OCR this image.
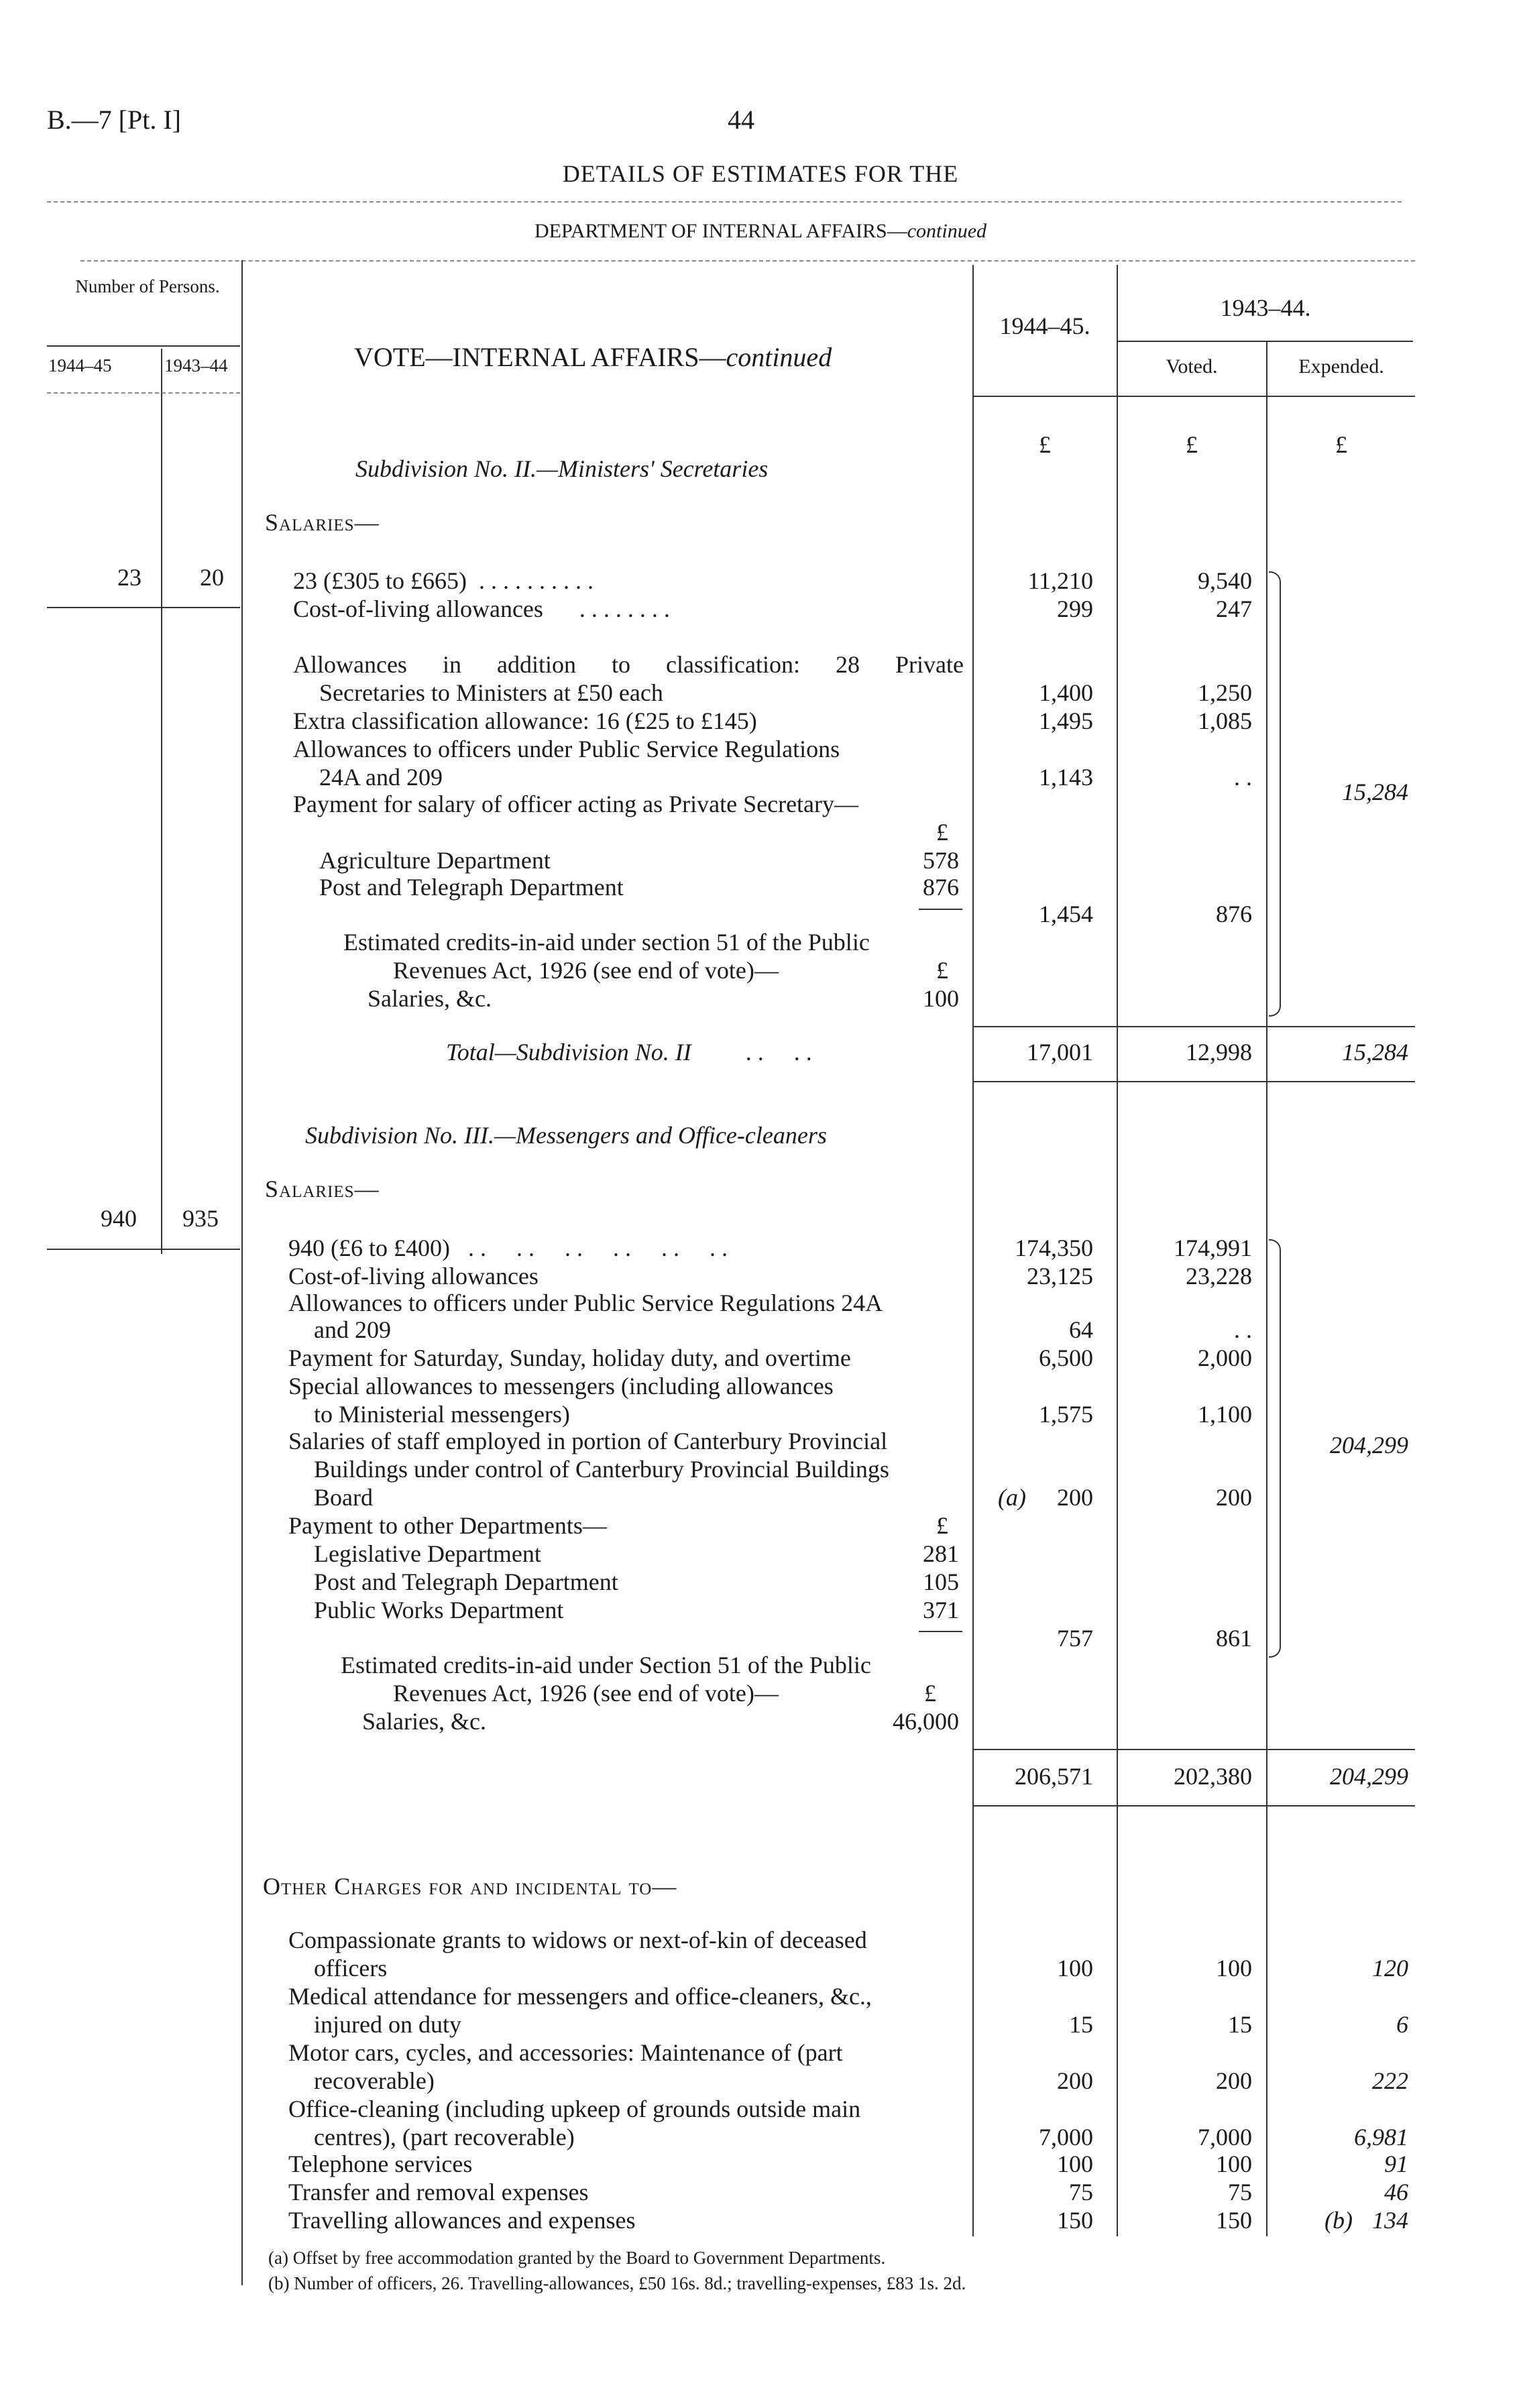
B.—7 [Pt. I]	44
DETAILS OF ESTIMATES FOR THE
DEPARTMENT OF INTERNAL AFFAIRS—continued
Number of Persons.
1944–45	1943–44	VOTE—INTERNAL AFFAIRS—continued
1944–45.
1943–44.
Voted.	Expended.
£	£	£
Subdivision No. II.—Ministers' Secretaries
Salaries—
23 20	23 (£305 to £665) . . . . . . . . . .	11,210	9,540
Cost-of-living allowances . . . . . . . .	299	247
Allowances in addition to classification: 28 Private
Secretaries to Ministers at £50 each	1,400	1,250
Extra classification allowance: 16 (£25 to £145)	1,495	1,085
Allowances to officers under Public Service Regulations
24A and 209	1,143	. .
Payment for salary of officer acting as Private Secretary—
£
Agriculture Department	578
Post and Telegraph Department	876
1,454	876
Estimated credits-in-aid under section 51 of the Public
Revenues Act, 1926 (see end of vote)—	£
Salaries, &c.	100
15,284
Total—Subdivision No. II . .     . .	17,001	12,998	15,284
Subdivision No. III.—Messengers and Office-cleaners
Salaries—
940 935
940 (£6 to £400)   . .     . .     . .     . .     . .     . .	174,350	174,991
Cost-of-living allowances	23,125	23,228
Allowances to officers under Public Service Regulations 24A
and 209	64	. .
Payment for Saturday, Sunday, holiday duty, and overtime	6,500	2,000
Special allowances to messengers (including allowances
to Ministerial messengers)	1,575	1,100
Salaries of staff employed in portion of Canterbury Provincial
Buildings under control of Canterbury Provincial Buildings
Board	(a)	200	200
Payment to other Departments—	£
Legislative Department	281
Post and Telegraph Department	105
Public Works Department	371
757	861
Estimated credits-in-aid under Section 51 of the Public
Revenues Act, 1926 (see end of vote)—	£
Salaries, &c.	46,000
204,299
206,571	202,380	204,299
Other Charges for and incidental to—
Compassionate grants to widows or next-of-kin of deceased
officers	100	100	120
Medical attendance for messengers and office-cleaners, &c.,
injured on duty	15	15	6
Motor cars, cycles, and accessories: Maintenance of (part
recoverable)	200	200	222
Office-cleaning (including upkeep of grounds outside main
centres), (part recoverable)	7,000	7,000	6,981
Telephone services	100	100	91
Transfer and removal expenses	75	75	46
Travelling allowances and expenses	150	150	(b) 134
(a) Offset by free accommodation granted by the Board to Government Departments.
(b) Number of officers, 26. Travelling-allowances, £50 16s. 8d.; travelling-expenses, £83 1s. 2d.
